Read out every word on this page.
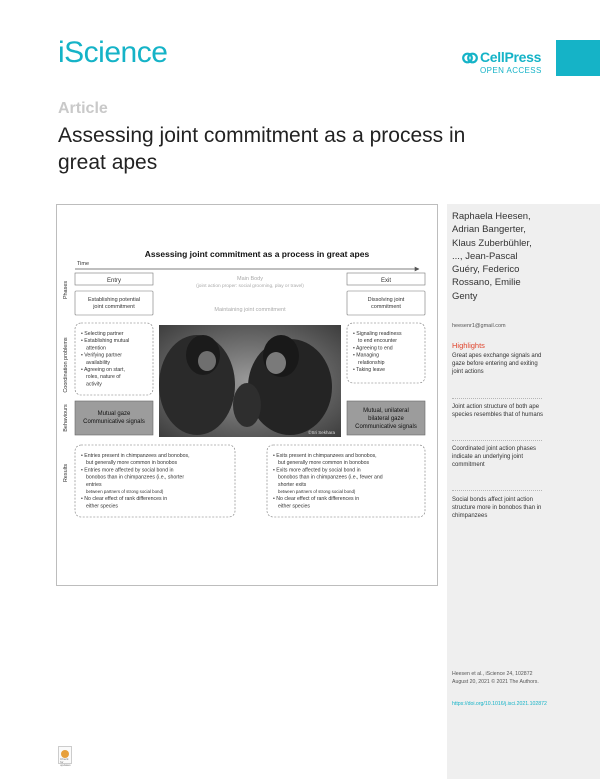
iScience	CellPress
OPEN ACCESS
Article
Assessing joint commitment as a process in great apes
Assessing joint commitment as a process in great apes
Time
Phases
Coordination problems
Behaviours
Results
Entry	Exit
Main Body
(joint action proper: social grooming, play or travel)
Maintaining joint commitment
©Sri Sekhara
Mutual gaze
Communicative signals
Mutual, unilateral
bilateral gaze
Communicative signals
Establishing potential
joint commitment
Dissolving joint
commitment
• Selecting partner
• Establishing mutual
attention
• Verifying partner
availability
• Agreeing on start,
roles, nature of
activity
• Signaling readiness
to end encounter
• Agreeing to end
• Managing
relationship
• Taking leave
• Entries present in chimpanzees and bonobos,
but generally more common in bonobos
• Entries more affected by social bond in
bonobos than in chimpanzees (i.e., shorter
entries
between partners of strong social bond)
• No clear effect of rank differences in
either species
• Exits present in chimpanzees and bonobos,
but generally more common in bonobos
• Exits more affected by social bond in
bonobos than in chimpanzees (i.e., fewer and
shorter exits
between partners of strong social bond)
• No clear effect of rank differences in
either species
Raphaela Heesen, Adrian Bangerter, Klaus Zuberbühler, ..., Jean-Pascal Guéry, Federico Rossano, Emilie Genty
heesenr1@gmail.com
Highlights
Great apes exchange signals and gaze before entering and exiting joint actions
Joint action structure of both ape species resembles that of humans
Coordinated joint action phases indicate an underlying joint commitment
Social bonds affect joint action structure more in bonobos than in chimpanzees
Heesen et al., iScience 24, 102872 August 20, 2021 © 2021 The Authors.
https://doi.org/10.1016/j.isci.2021.102872
Check for updates
